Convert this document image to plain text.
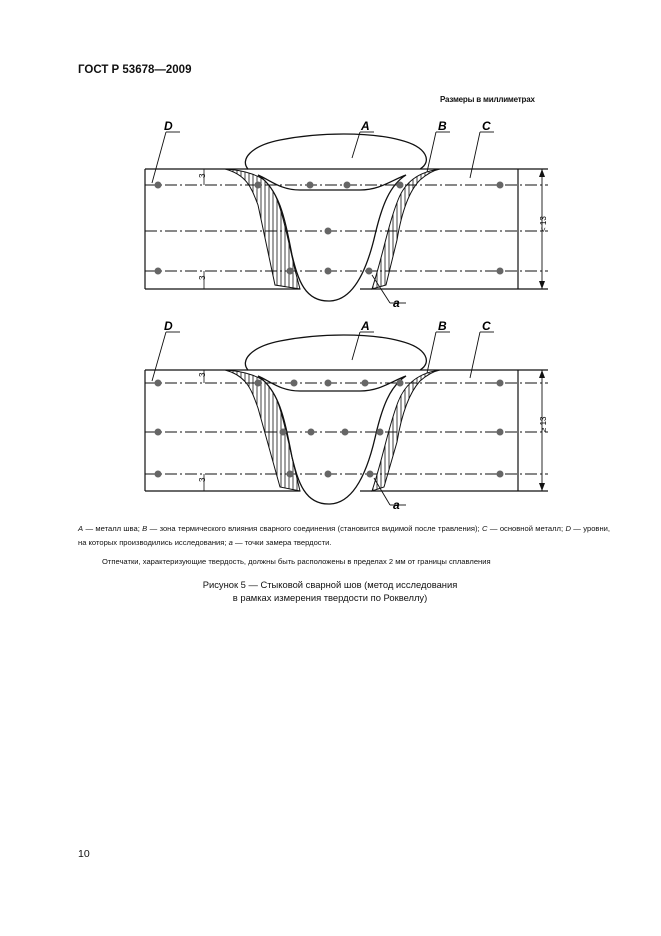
ГОСТ Р 53678—2009
Размеры в миллиметрах
D	A	B	C
a
3
3
< 13
D	A	B	C
a
3
3
≥ 13
A — металл шва; B — зона термического влияния сварного соединения (становится видимой после травления); C — основной металл; D — уровни, на которых производились исследования; а — точки замера твердости.
Отпечатки, характеризующие твердость, должны быть расположены в пределах 2 мм от границы сплавления
Рисунок 5 — Стыковой сварной шов (метод исследования
в рамках измерения твердости по Роквеллу)
10
